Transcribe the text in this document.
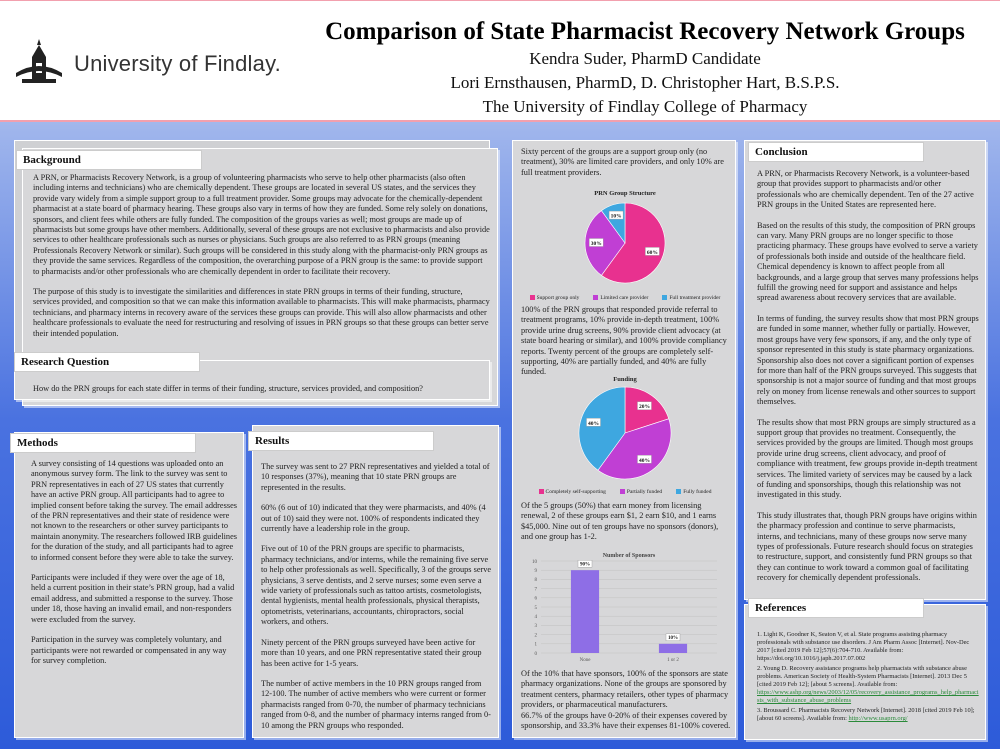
University of Findlay.
Comparison of State Pharmacist Recovery Network Groups
Kendra Suder, PharmD Candidate
Lori Ernsthausen, PharmD, D. Christopher Hart, B.S.P.S.
The University of Findlay College of Pharmacy

A PRN, or Pharmacists Recovery Network, is a group of volunteering pharmacists who serve to help other pharmacists (also often including interns and technicians) who are chemically dependent. These groups are located in several US states, and the services they provide vary widely from a simple support group to a full treatment provider. Some groups may advocate for the chemically-dependent pharmacist at a state board of pharmacy hearing. These groups also vary in terms of how they are funded. Some rely solely on donations, sponsors, and client fees while others are fully funded. The composition of the groups varies as well; most groups are made up of pharmacists but some groups have other members. Additionally, several of these groups are not exclusive to pharmacists and also provide services to other healthcare professionals such as nurses or physicians. Such groups are also referred to as PRN groups (meaning Professionals Recovery Network or similar). Such groups will be considered in this study along with the pharmacist-only PRN groups as they provide the same services. Regardless of the composition, the overarching purpose of a PRN group is the same: to provide support to pharmacists and/or other professionals who are chemically dependent in order to facilitate their recovery.

The purpose of this study is to investigate the similarities and differences in state PRN groups in terms of their funding, structure, services provided, and composition so that we can make this information available to pharmacists. This will make pharmacists, pharmacy technicians, and pharmacy interns in recovery aware of the services these groups can provide. This will also allow pharmacists and other healthcare professionals to evaluate the need for restructuring and resolving of issues in PRN groups so that these groups can better serve their intended population.

Background
How do the PRN groups for each state differ in terms of their funding, structure, services provided, and composition?
Research Question

A survey consisting of 14 questions was uploaded onto an anonymous survey form. The link to the survey was sent to PRN representatives in each of 27 US states that currently have an active PRN group. All participants had to agree to implied consent before taking the survey. The email addresses of the PRN representatives and their state of residence were not known to the researchers or other survey participants to maintain anonymity. The researchers followed IRB guidelines for the duration of the study, and all participants had to agree to informed consent before they were able to take the survey.

Participants were included if they were over the age of 18, held a current position in their state’s PRN group, had a valid email address, and submitted a response to the survey. Those under 18, those having an invalid email, and non-responders were excluded from the survey.

Participation in the survey was completely voluntary, and participants were not rewarded or compensated in any way for survey completion.

Methods

The survey was sent to 27 PRN representatives and yielded a total of 10 responses (37%), meaning that 10 state PRN groups are represented in the results.

60% (6 out of 10) indicated that they were pharmacists, and 40% (4 out of 10) said they were not. 100% of respondents indicated they currently have a leadership role in the group.

Five out of 10 of the PRN groups are specific to pharmacists, pharmacy technicians, and/or interns, while the remaining five serve to help other professionals as well. Specifically, 3 of the groups serve physicians, 3 serve dentists, and 2 serve nurses; some even serve a wide variety of professionals such as tattoo artists, cosmetologists, dental hygienists, mental health professionals, physical therapists, optometrists, veterinarians, accountants, chiropractors, social workers, and others.

Ninety percent of the PRN groups surveyed have been active for more than 10 years, and one PRN representative stated their group has been active for 1-5 years.

The number of active members in the 10 PRN groups ranged from 12-100. The number of active members who were current or former pharmacists ranged from 0-70, the number of pharmacy technicians ranged from 0-8, and the number of pharmacy interns ranged from 0-10 among the PRN groups who responded.

Results
Sixty percent of the groups are a support group only (no treatment), 30% are limited care providers, and only 10% are full treatment providers.
PRN Group Structure
60%
30%
10%
Support group only	Limited care provider	Full treatment provider
100% of the PRN groups that responded provide referral to treatment programs, 10% provide in-depth treatment, 100% provide urine drug screens, 90% provide client advocacy (at state board hearing or similar), and 100% provide compliancy reports. Twenty percent of the groups are completely self-supporting, 40% are partially funded, and 40% are fully funded.
Funding
20%
40%
40%
Completely self-supporting	Partially funded	Fully funded
Of the 5 groups (50%) that earn money from licensing renewal, 2 of these groups earn $1, 2 earn $10, and 1 earns $45,000. Nine out of ten groups have no sponsors (donors), and one group has 1-2.
Number of Sponsors
0
1
2
3
4
5
6
7
8
9
10
90%
None
10%
1 or 2

Of the 10% that have sponsors, 100% of the sponsors are state pharmacy organizations. None of the groups are sponsored by treatment centers, pharmacy retailers, other types of pharmacy providers, or pharmaceutical manufacturers.

66.7% of the groups have 0-20% of their expenses covered by sponsorship, and 33.3% have their expenses 81-100% covered.

A PRN, or Pharmacists Recovery Network, is a volunteer-based group that provides support to pharmacists and/or other professionals who are chemically dependent. Ten of the 27 active PRN groups in the United States are represented here.

Based on the results of this study, the composition of PRN groups can vary. Many PRN groups are no longer specific to those practicing pharmacy. These groups have evolved to serve a variety of professionals both inside and outside of the healthcare field. Chemical dependency is known to affect people from all backgrounds, and a large group that serves many professions helps fulfill the growing need for support and assistance and helps spread awareness about recovery services that are available.

In terms of funding, the survey results show that most PRN groups are funded in some manner, whether fully or partially. However, most groups have very few sponsors, if any, and the only type of sponsor represented in this study is state pharmacy organizations. Sponsorship also does not cover a significant portion of expenses for more than half of the PRN groups surveyed. This suggests that sponsorship is not a major source of funding and that most groups rely on money from license renewals and other sources to support themselves.

The results show that most PRN groups are simply structured as a support group that provides no treatment. Consequently, the services provided by the groups are limited. Though most groups provide urine drug screens, client advocacy, and proof of compliance with treatment, few groups provide in-depth treatment services. The limited variety of services may be caused by a lack of funding and sponsorships, though this relationship was not investigated in this study.

This study illustrates that, though PRN groups have origins within the pharmacy profession and continue to serve pharmacists, interns, and technicians, many of these groups now serve many types of professionals. Future research should focus on strategies to restructure, support, and consistently fund PRN groups so that they can continue to work toward a common goal of facilitating recovery for chemically dependent professionals.

Conclusion

1. Light K, Goodner K, Seaton V, et al. State programs assisting pharmacy professionals with substance use disorders. J Am Pharm Assoc [Internet]. Nov-Dec 2017 [cited 2019 Feb 12];57(6):704-710. Available from: https://doi.org/10.1016/j.japh.2017.07.002

2. Young D. Recovery assistance programs help pharmacists with substance abuse problems. American Society of Health-System Pharmacists [Internet]. 2013 Dec 5 [cited 2019 Feb 12]; [about 5 screens]. Available from:

https://www.ashp.org/news/2003/12/05/recovery_assistance_programs_help_pharmacists_with_substance_abuse_problems

3. Broussard C. Pharmacists Recovery Network [Internet]. 2018 [cited 2019 Feb 10]; [about 60 screens]. Available from: http://www.usaprn.org/

References
